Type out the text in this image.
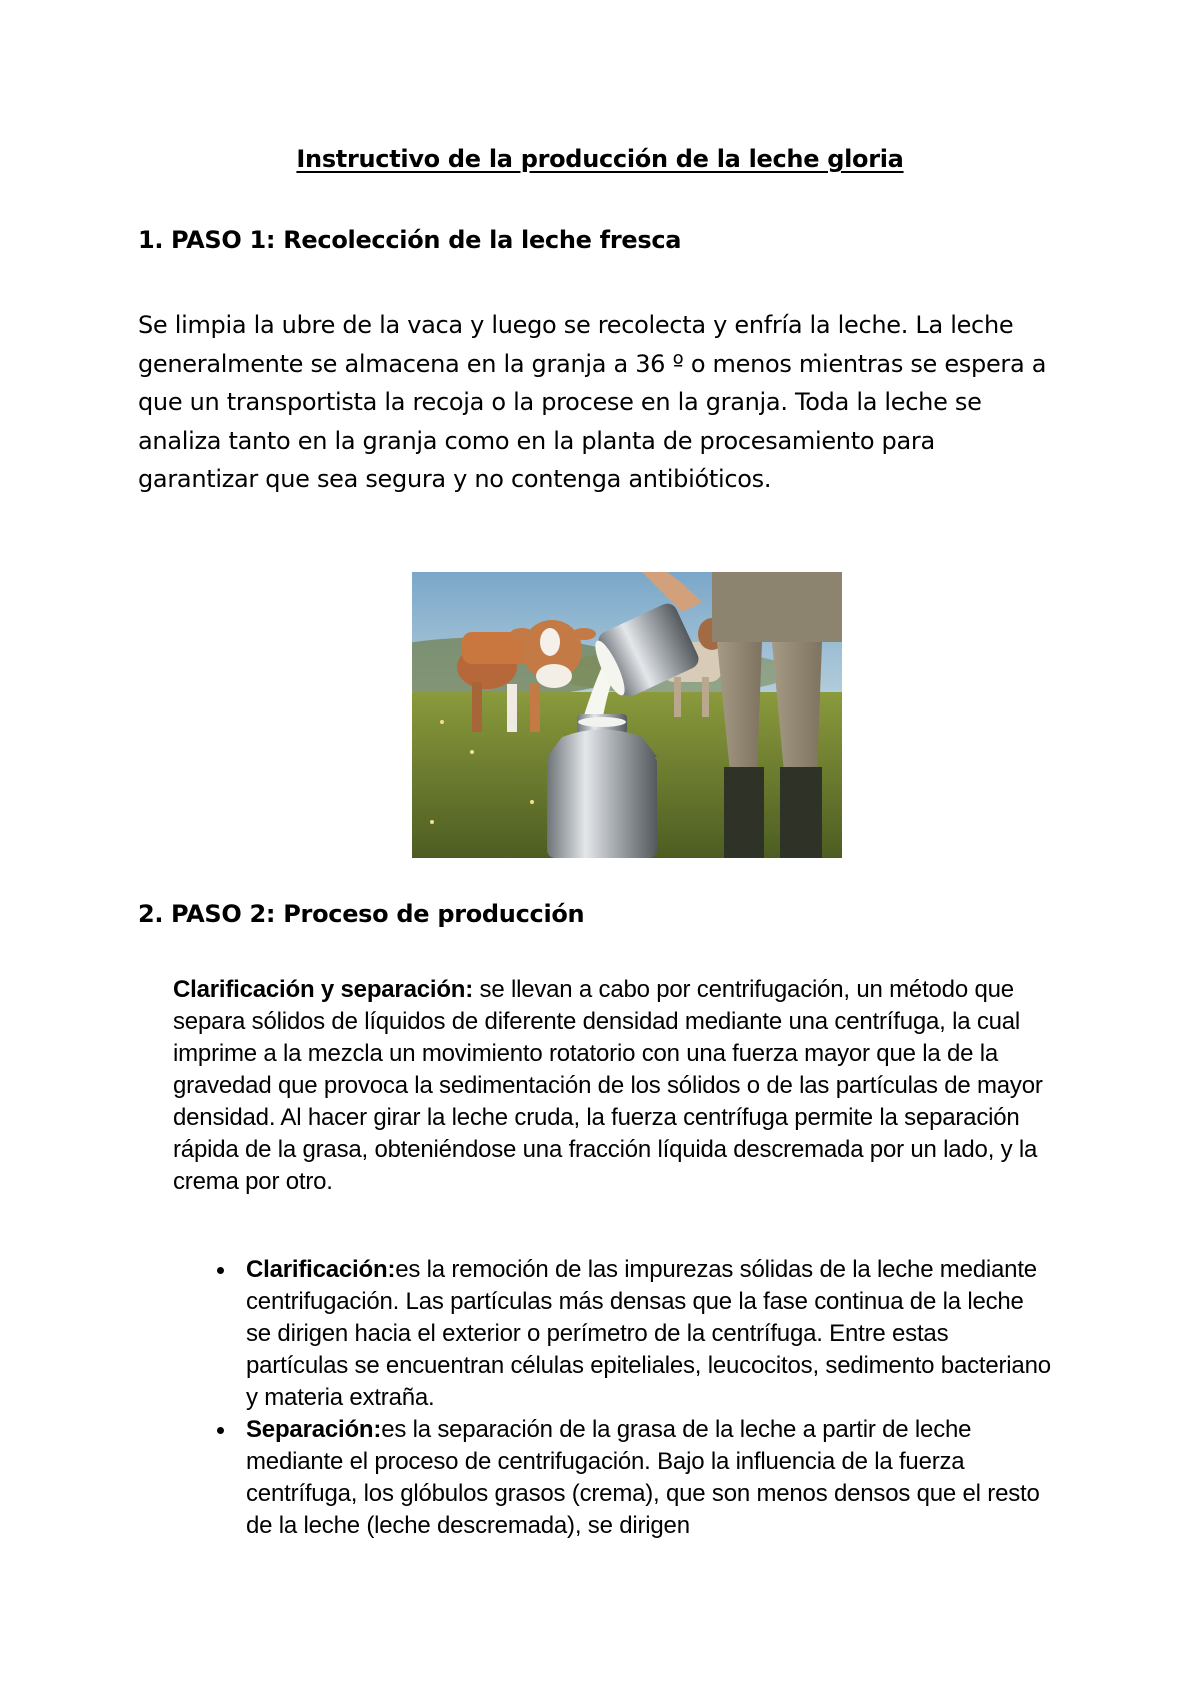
Instructivo de la producción de la leche gloria
1. PASO 1: Recolección de la leche fresca

Se limpia la ubre de la vaca y luego se recolecta y enfría la leche. La leche generalmente se almacena en la granja a 36 º o menos mientras se espera a que un transportista la recoja o la procese en la granja. Toda la leche se analiza tanto en la granja como en la planta de procesamiento para garantizar que sea segura y no contenga antibióticos.

2. PASO 2: Proceso de producción

Clarificación y separación: se llevan a cabo por centrifugación, un método que separa sólidos de líquidos de diferente densidad mediante una centrífuga, la cual imprime a la mezcla un movimiento rotatorio con una fuerza mayor que la de la gravedad que provoca la sedimentación de los sólidos o de las partículas de mayor densidad. Al hacer girar la leche cruda, la fuerza centrífuga permite la separación rápida de la grasa, obteniéndose una fracción líquida descremada por un lado, y la crema por otro.

Clarificación:es la remoción de las impurezas sólidas de la leche mediante centrifugación. Las partículas más densas que la fase continua de la leche se dirigen hacia el exterior o perímetro de la centrífuga. Entre estas partículas se encuentran células epiteliales, leucocitos, sedimento bacteriano y materia extraña.
Separación:es la separación de la grasa de la leche a partir de leche mediante el proceso de centrifugación. Bajo la influencia de la fuerza centrífuga, los glóbulos grasos (crema), que son menos densos que el resto de la leche (leche descremada), se dirigen
